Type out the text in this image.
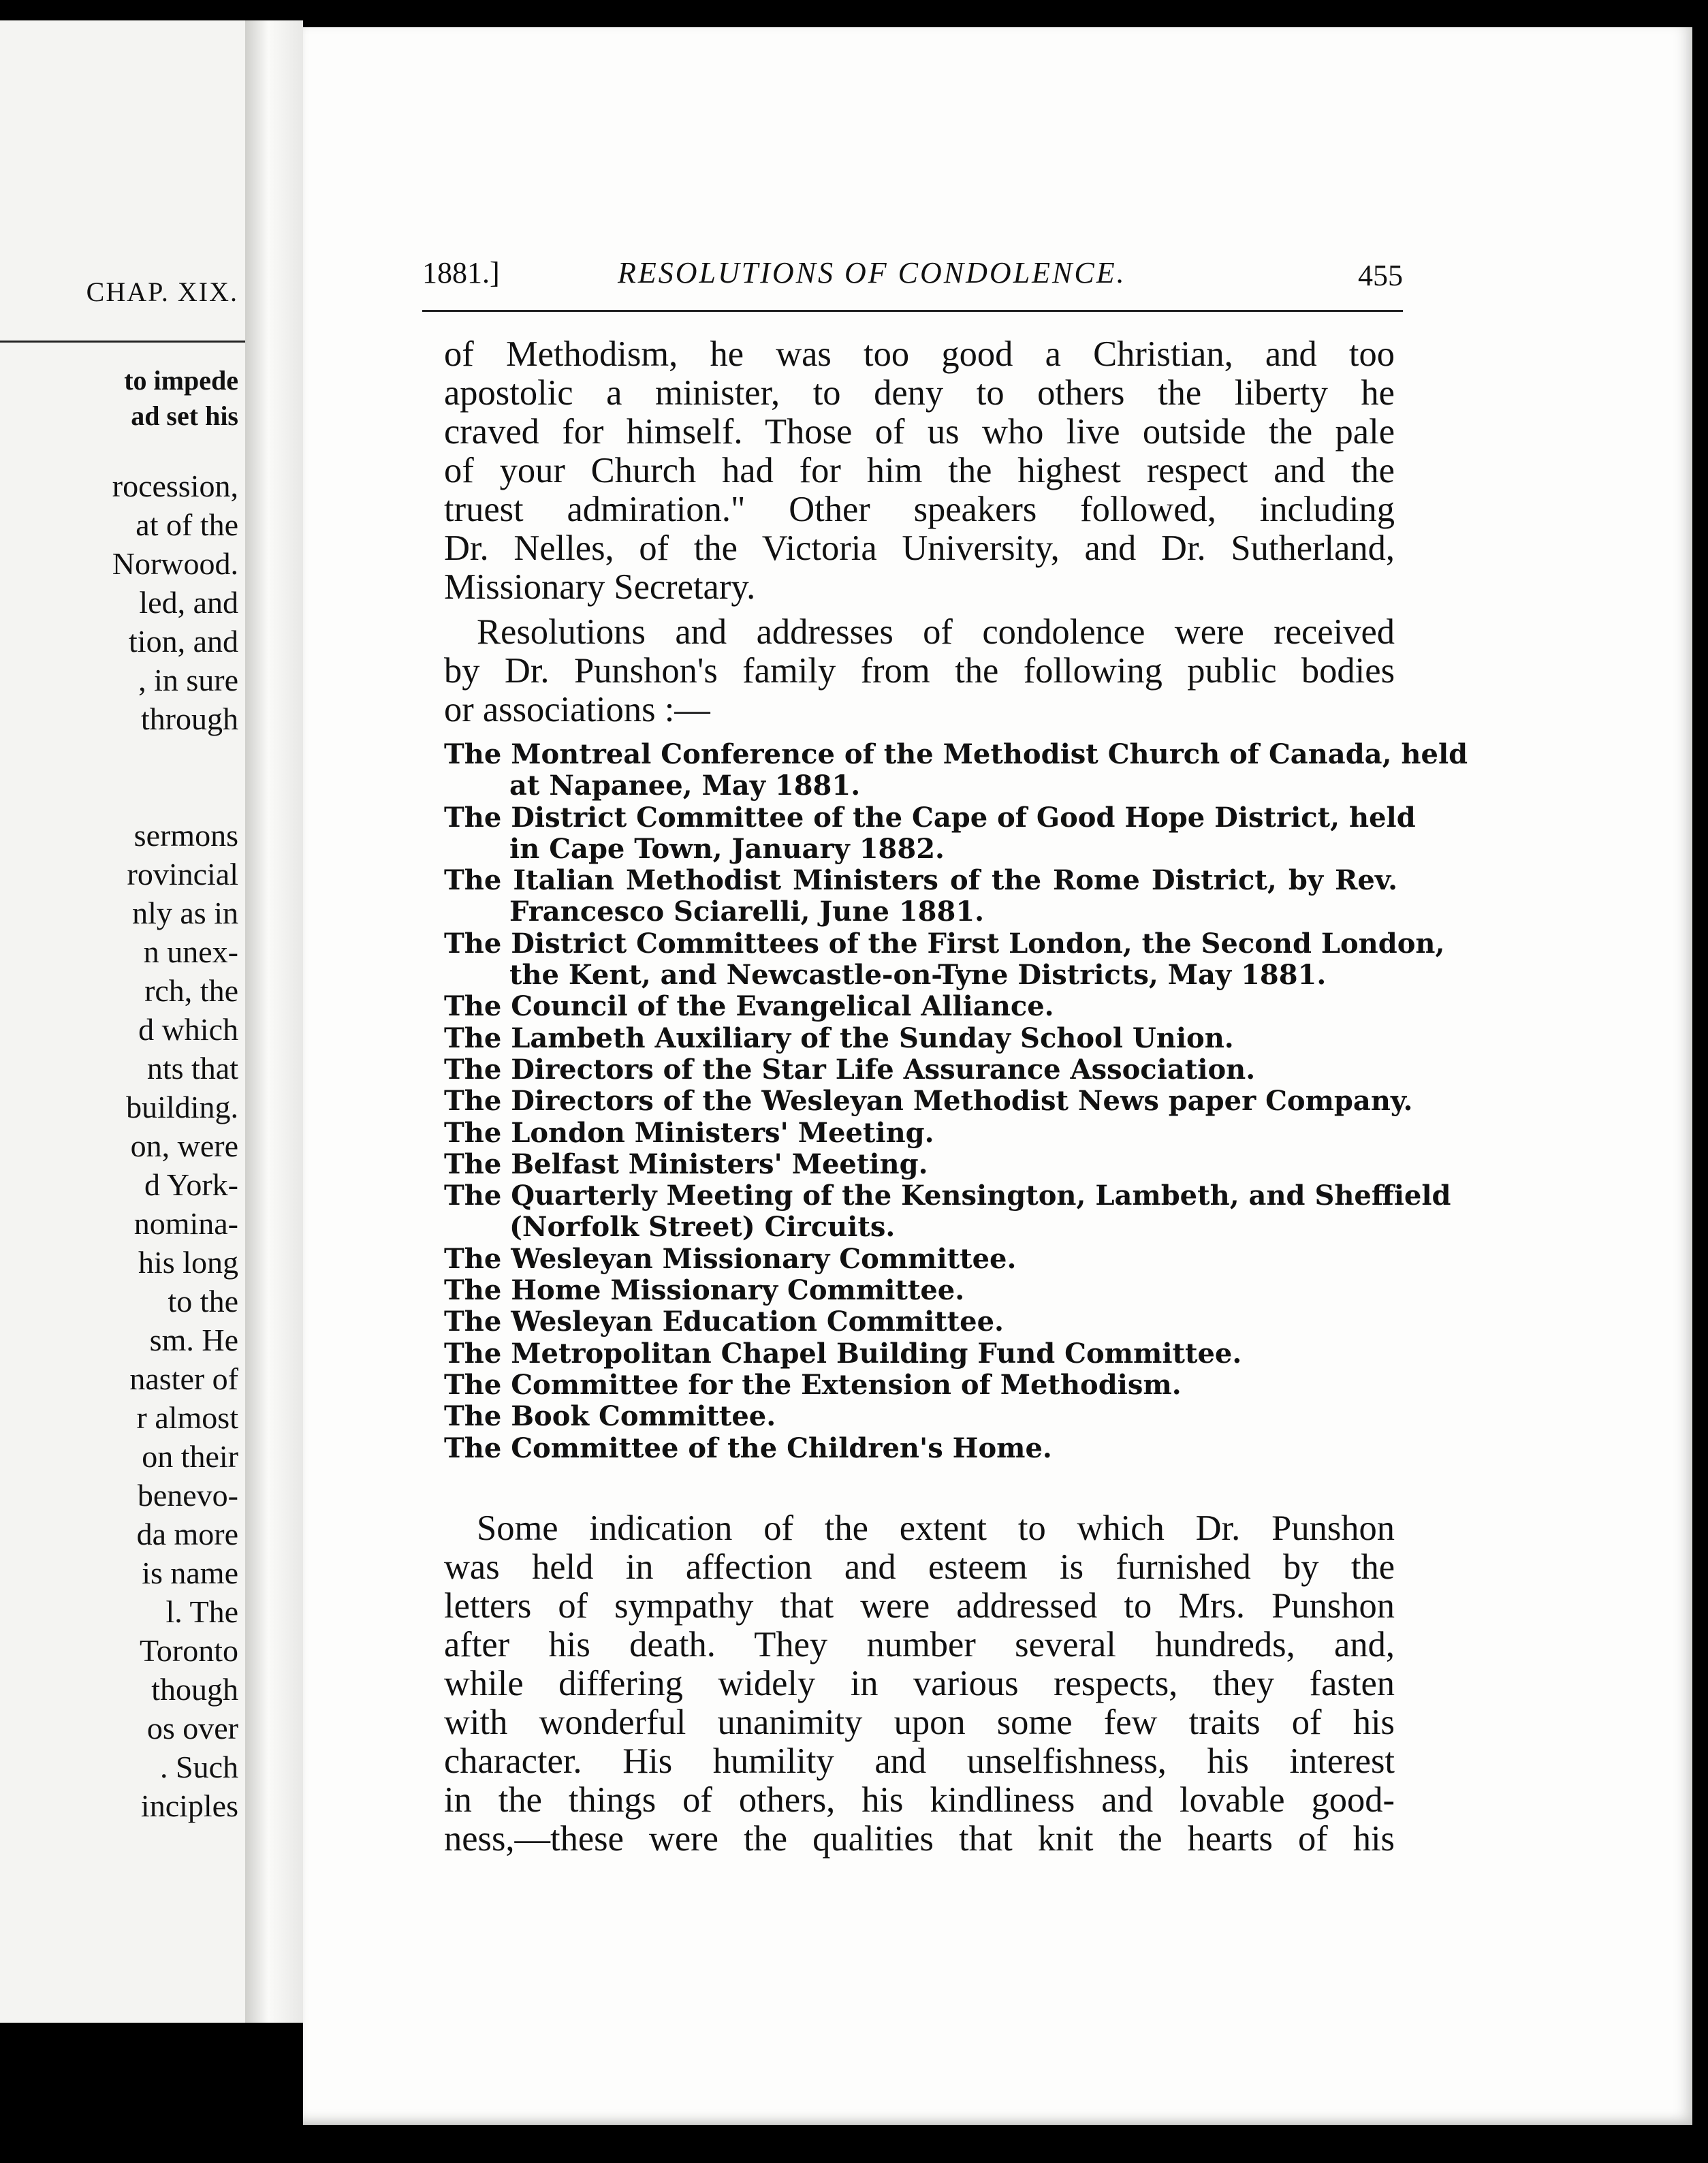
CHAP. XIX.
to impede
ad set his
rocession,
at of the
Norwood.
led, and
tion, and
, in sure
through
sermons
rovincial
nly as in
n unex-
rch, the
d which
nts that
building.
on, were
d York-
nomina-
his long
to the
sm. He
naster of
r almost
on their
benevo-
da more
is name
l. The
Toronto
though
os over
. Such
inciples
1881.]	RESOLUTIONS OF CONDOLENCE.	455
of Methodism, he was too good a Christian, and too
apostolic a minister, to deny to others the liberty he
craved for himself. Those of us who live outside the pale
of your Church had for him the highest respect and the
truest admiration." Other speakers followed, including
Dr. Nelles, of the Victoria University, and Dr. Sutherland,
Missionary Secretary.
Resolutions and addresses of condolence were received
by Dr. Punshon's family from the following public bodies
or associations :—
The Montreal Conference of the Methodist Church of Canada, held
at Napanee, May 1881.
The District Committee of the Cape of Good Hope District, held
in Cape Town, January 1882.
The Italian Methodist Ministers of the Rome District, by Rev.
Francesco Sciarelli, June 1881.
The District Committees of the First London, the Second London,
the Kent, and Newcastle-on-Tyne Districts, May 1881.
The Council of the Evangelical Alliance.
The Lambeth Auxiliary of the Sunday School Union.
The Directors of the Star Life Assurance Association.
The Directors of the Wesleyan Methodist News paper Company.
The London Ministers' Meeting.
The Belfast Ministers' Meeting.
The Quarterly Meeting of the Kensington, Lambeth, and Sheffield
(Norfolk Street) Circuits.
The Wesleyan Missionary Committee.
The Home Missionary Committee.
The Wesleyan Education Committee.
The Metropolitan Chapel Building Fund Committee.
The Committee for the Extension of Methodism.
The Book Committee.
The Committee of the Children's Home.
Some indication of the extent to which Dr. Punshon
was held in affection and esteem is furnished by the
letters of sympathy that were addressed to Mrs. Punshon
after his death. They number several hundreds, and,
while differing widely in various respects, they fasten
with wonderful unanimity upon some few traits of his
character. His humility and unselfishness, his interest
in the things of others, his kindliness and lovable good-
ness,—these were the qualities that knit the hearts of his
